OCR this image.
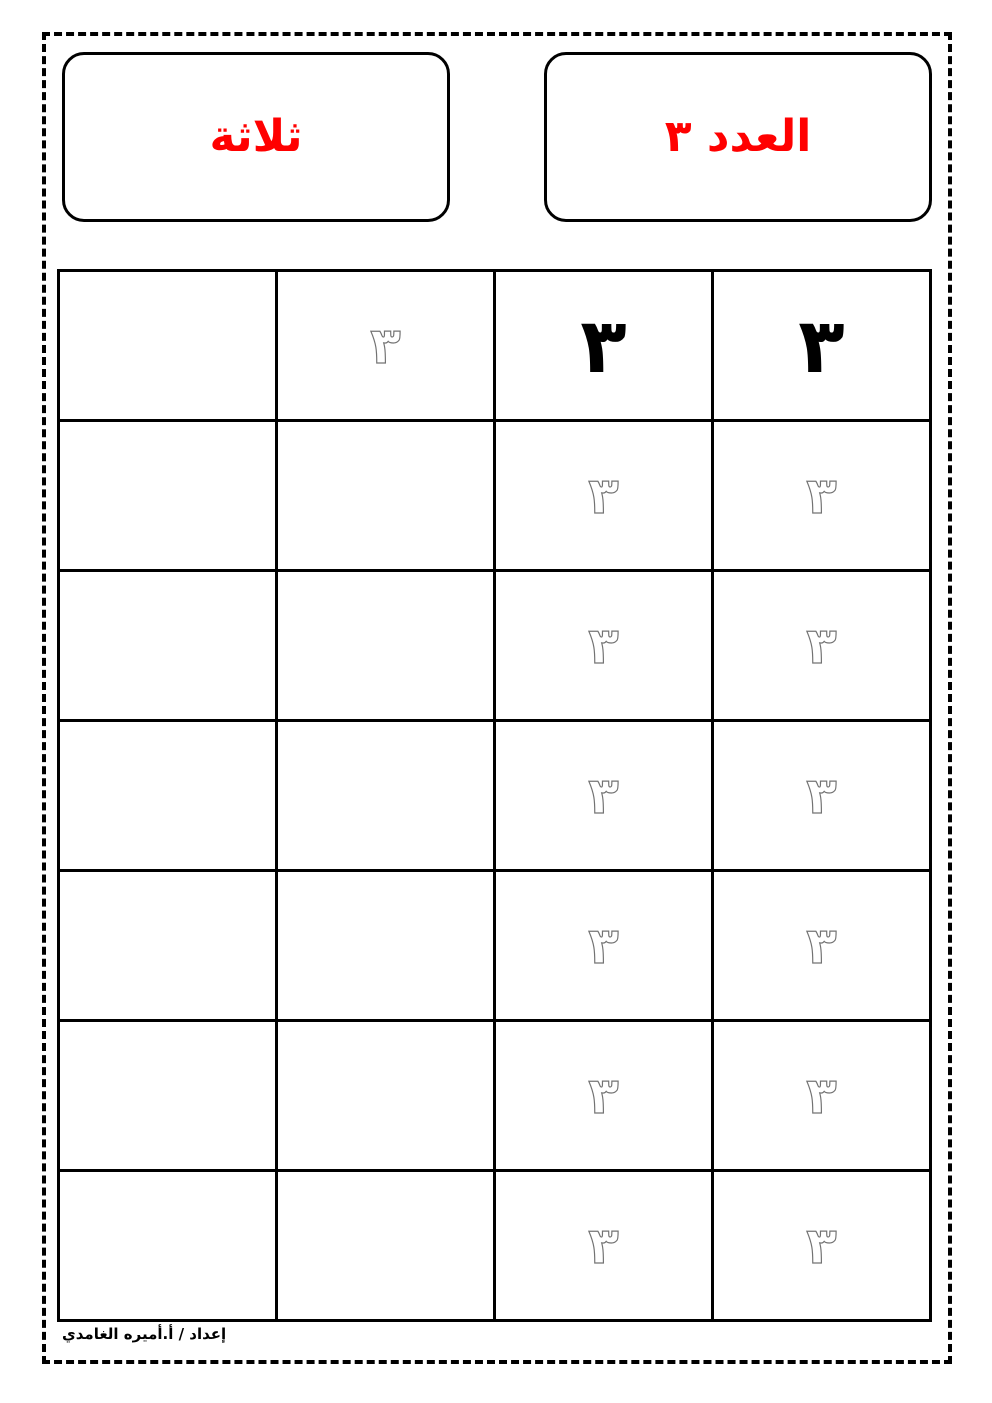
العدد ٣
ثلاثة
٣	٣	٣	
٣	٣		
٣	٣		
٣	٣		
٣	٣		
٣	٣		
٣	٣		
إعداد / أ.أميره الغامدي
